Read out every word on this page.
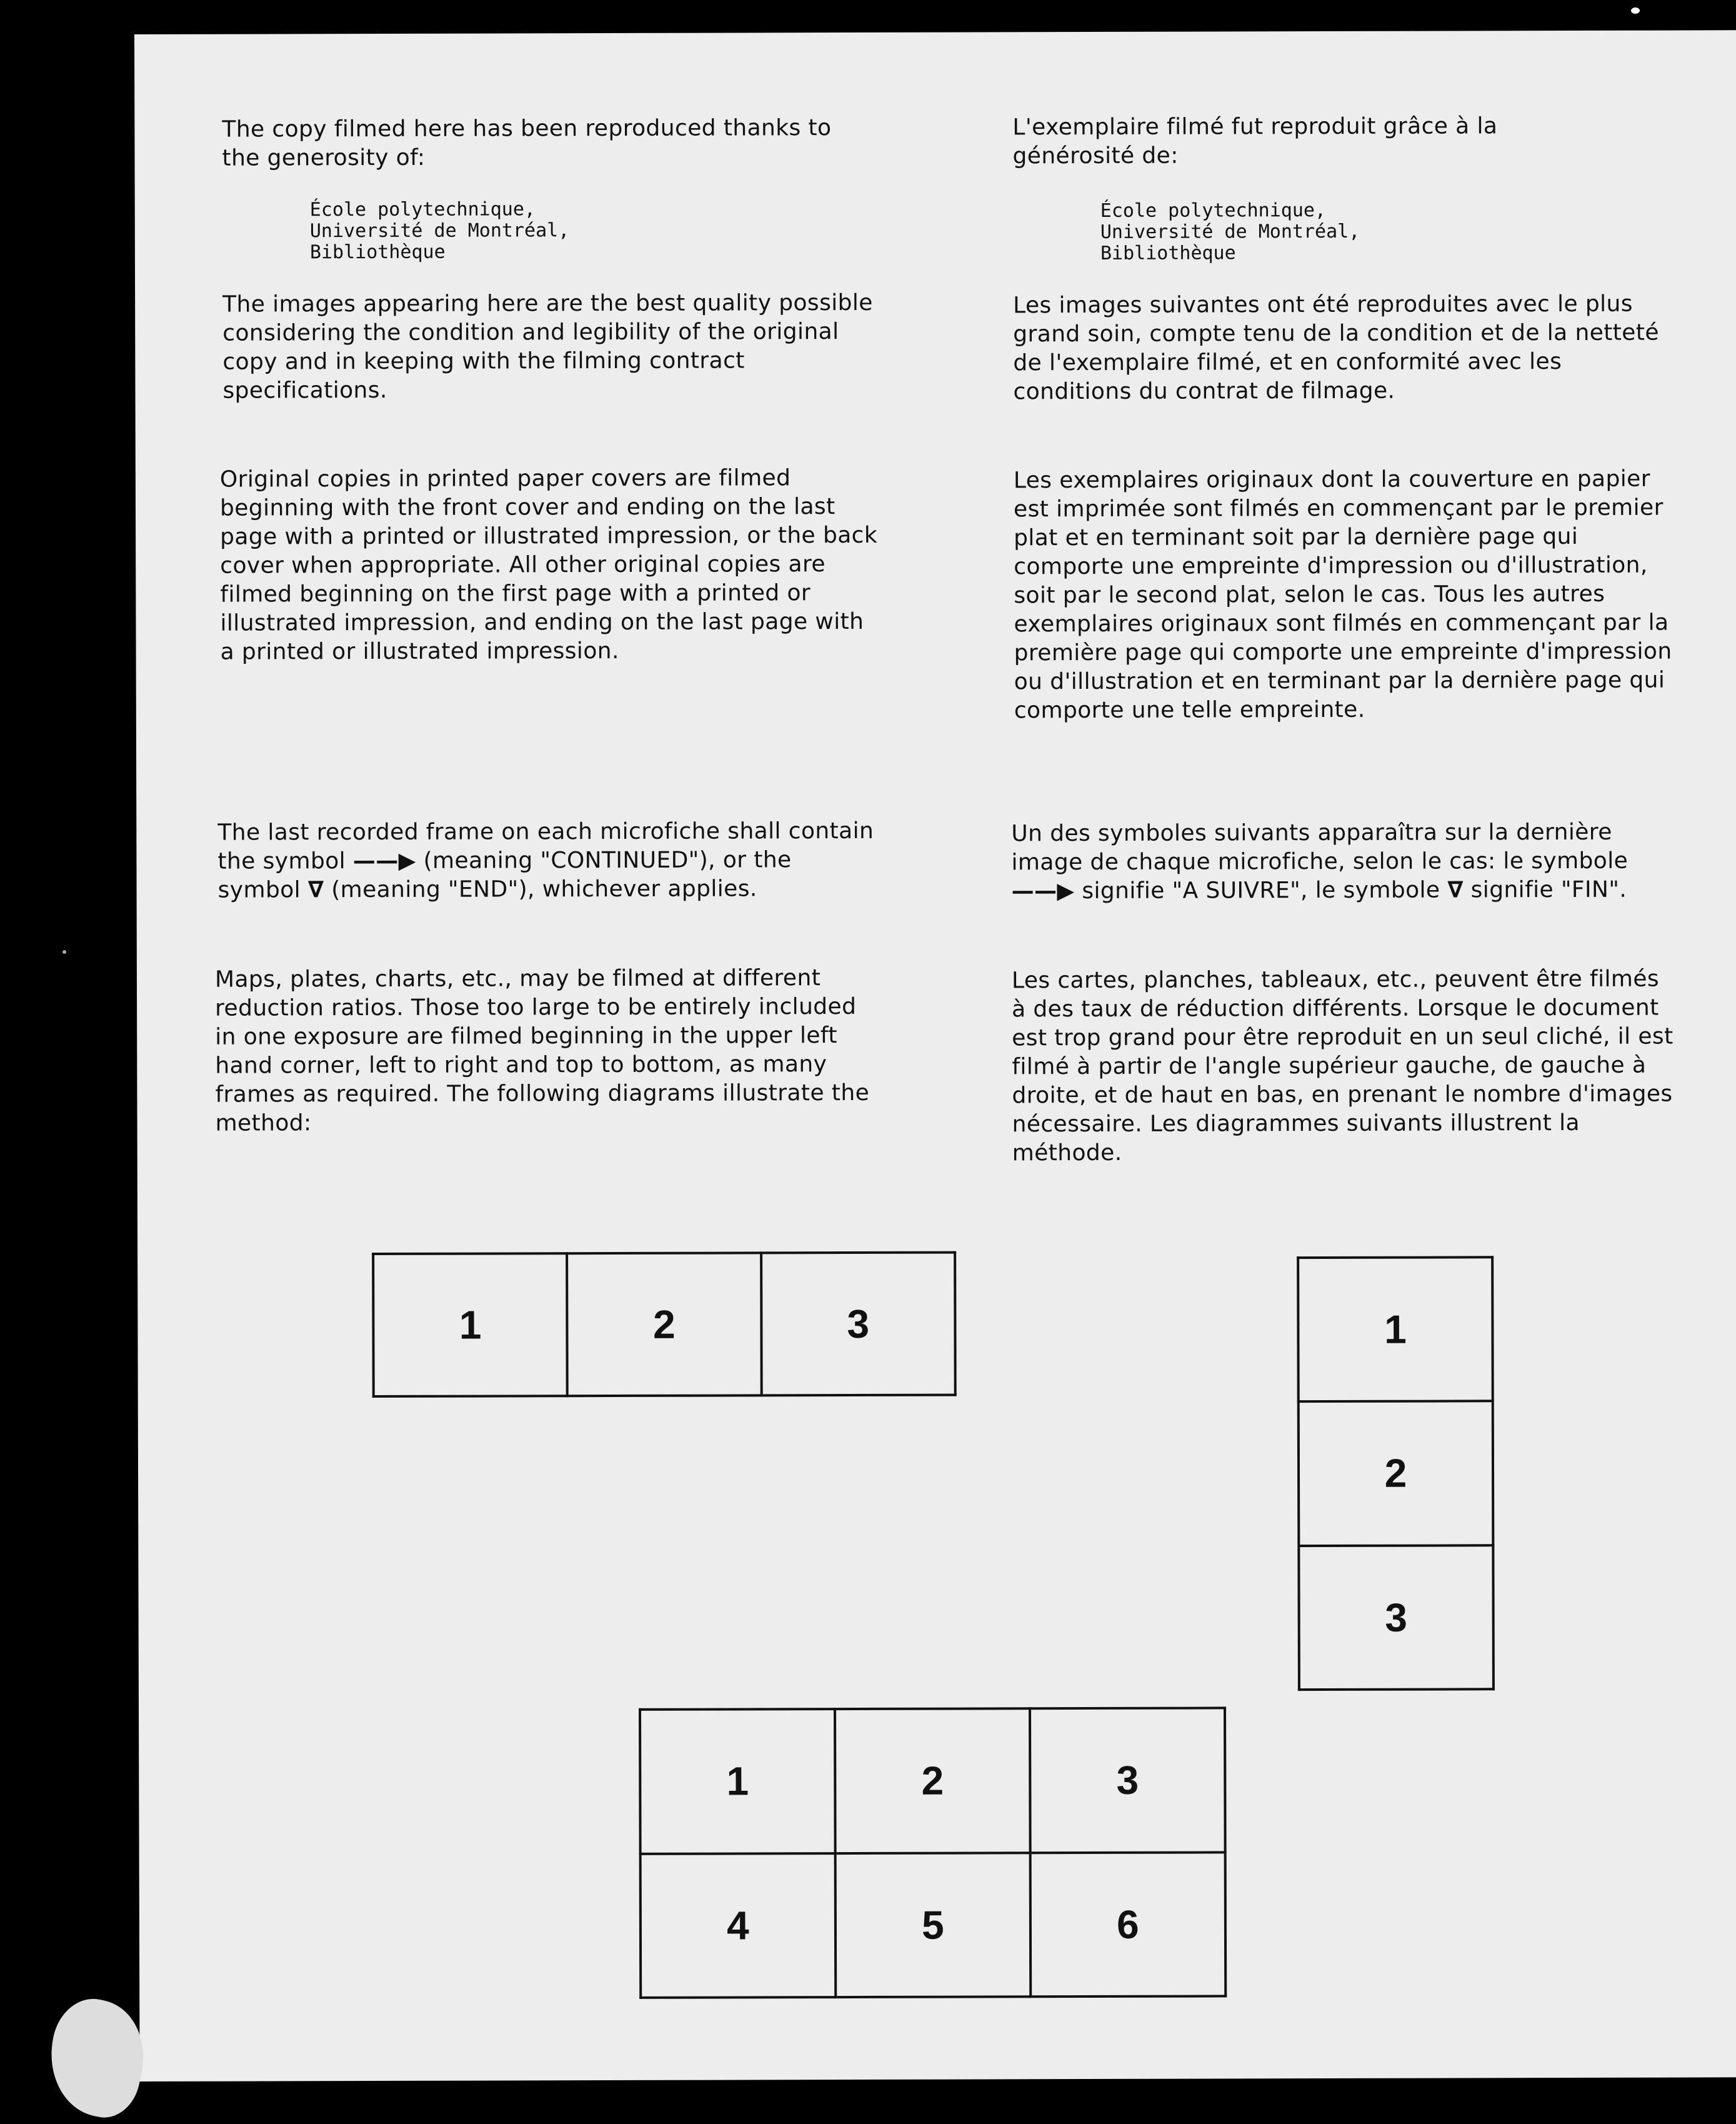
The copy filmed here has been reproduced thanks to the generosity of:

École polytechnique,
Université de Montréal,
Bibliothèque

The images appearing here are the best quality possible considering the condition and legibility of the original copy and in keeping with the filming contract specifications.

Original copies in printed paper covers are filmed beginning with the front cover and ending on the last page with a printed or illustrated impression, or the back cover when appropriate. All other original copies are filmed beginning on the first page with a printed or illustrated impression, and ending on the last page with a printed or illustrated impression.

The last recorded frame on each microfiche shall contain the symbol ——▶ (meaning "CONTINUED"), or the symbol ∇ (meaning "END"), whichever applies.

Maps, plates, charts, etc., may be filmed at different reduction ratios. Those too large to be entirely included in one exposure are filmed beginning in the upper left hand corner, left to right and top to bottom, as many frames as required. The following diagrams illustrate the method:

L'exemplaire filmé fut reproduit grâce à la générosité de:

École polytechnique,
Université de Montréal,
Bibliothèque

Les images suivantes ont été reproduites avec le plus grand soin, compte tenu de la condition et de la netteté de l'exemplaire filmé, et en conformité avec les conditions du contrat de filmage.

Les exemplaires originaux dont la couverture en papier est imprimée sont filmés en commençant par le premier plat et en terminant soit par la dernière page qui comporte une empreinte d'impression ou d'illustration, soit par le second plat, selon le cas. Tous les autres exemplaires originaux sont filmés en commençant par la première page qui comporte une empreinte d'impression ou d'illustration et en terminant par la dernière page qui comporte une telle empreinte.

Un des symboles suivants apparaîtra sur la dernière image de chaque microfiche, selon le cas: le symbole ——▶ signifie "A SUIVRE", le symbole ∇ signifie "FIN".

Les cartes, planches, tableaux, etc., peuvent être filmés à des taux de réduction différents. Lorsque le document est trop grand pour être reproduit en un seul cliché, il est filmé à partir de l'angle supérieur gauche, de gauche à droite, et de haut en bas, en prenant le nombre d'images nécessaire. Les diagrammes suivants illustrent la méthode.

1	2	3	1
2
3
1	2	3
4	5	6
